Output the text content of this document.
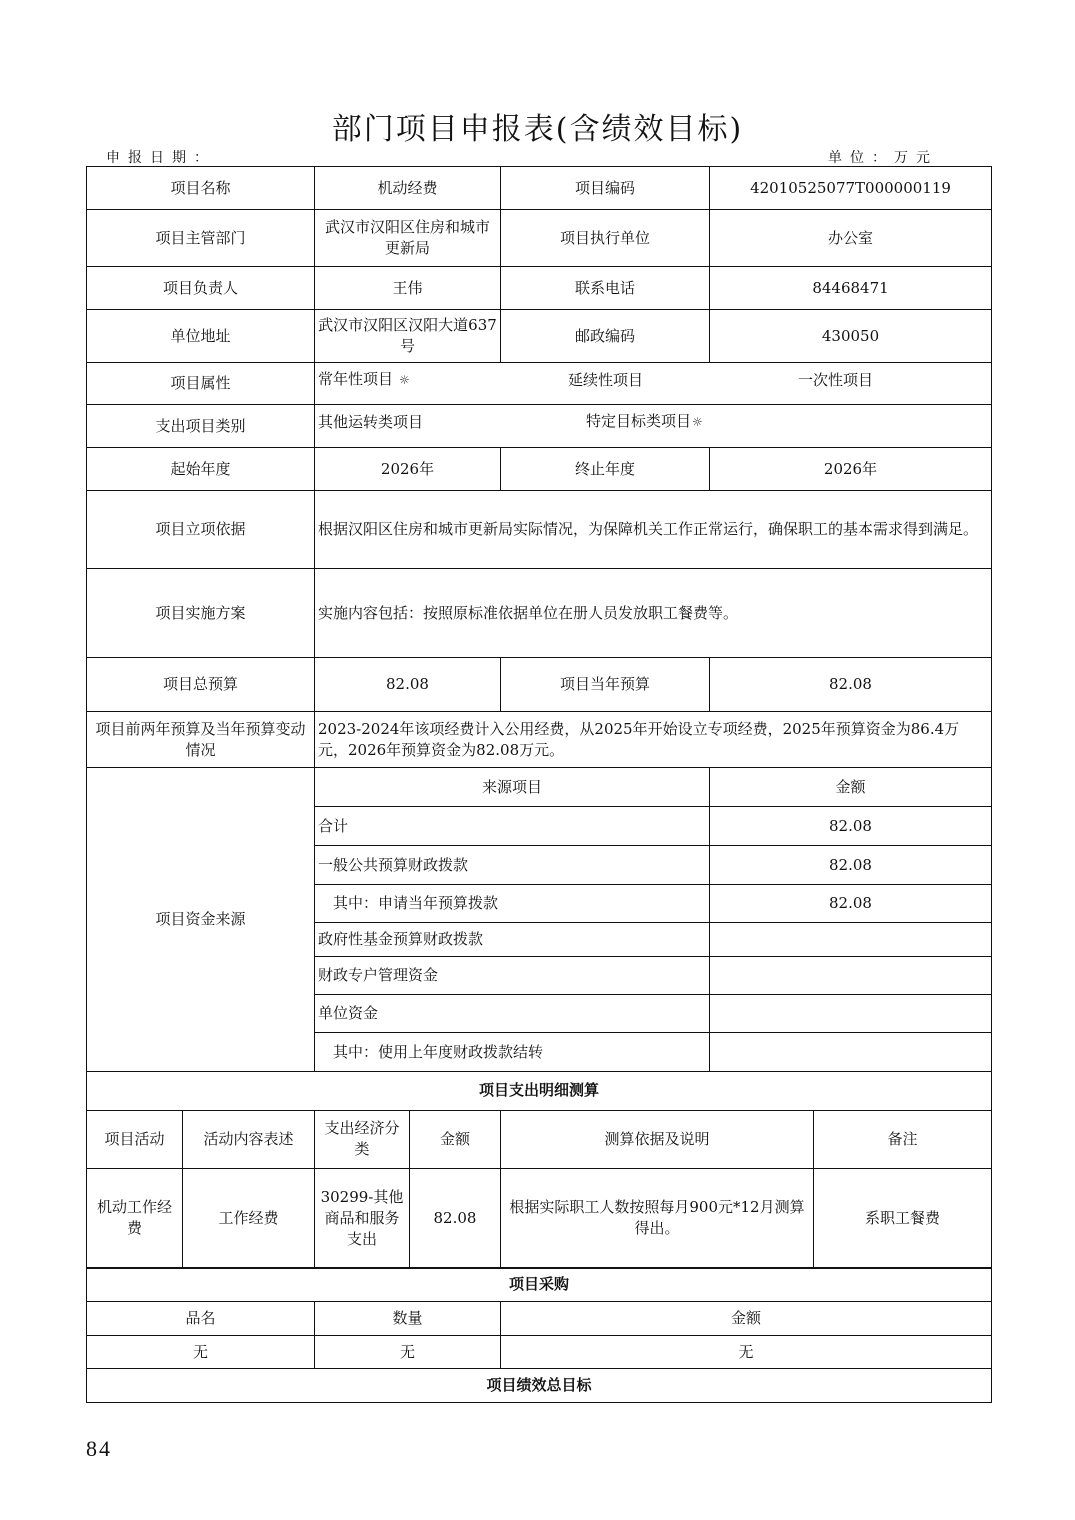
部门项目申报表(含绩效目标)
申报日期：	单位：万元
项目名称	机动经费	项目编码	42010525077T000000119
项目主管部门	武汉市汉阳区住房和城市更新局	项目执行单位	办公室
项目负责人	王伟	联系电话	84468471
单位地址	武汉市汉阳区汉阳大道637号	邮政编码	430050
项目属性	常年性项目 ☼ 延续性项目 一次性项目		

支出项目类别	其他运转类项目 特定目标类项目☼		

起始年度	2026年	终止年度	2026年
项目立项依据	根据汉阳区住房和城市更新局实际情况，为保障机关工作正常运行，确保职工的基本需求得到满足。		
项目实施方案	实施内容包括：按照原标准依据单位在册人员发放职工餐费等。		
项目总预算	82.08	项目当年预算	82.08
项目前两年预算及当年预算变动情况	2023-2024年该项经费计入公用经费，从2025年开始设立专项经费，2025年预算资金为86.4万元，2026年预算资金为82.08万元。		
项目资金来源	来源项目		金额
	合计		82.08
	一般公共预算财政拨款		82.08
	其中：申请当年预算拨款		82.08
	政府性基金预算财政拨款		
	财政专户管理资金		
	单位资金		
	其中：使用上年度财政拨款结转		
项目支出明细测算					
项目活动	活动内容表述	支出经济分类	金额	测算依据及说明	备注
机动工作经费	工作经费	30299-其他商品和服务支出	82.08	根据实际职工人数按照每月900元*12月测算得出。	系职工餐费
项目采购		
品名	数量	金额
无	无	无
项目绩效总目标		
84
